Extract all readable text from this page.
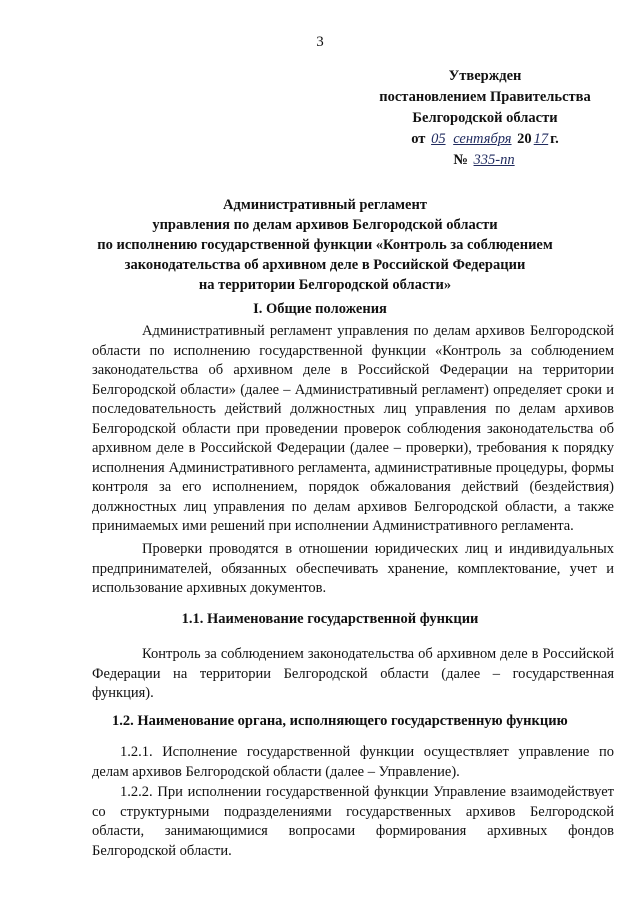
3
Утвержден
постановлением Правительства
Белгородской области
от 05 сентября 20 17 г.
№ 335-пп
Административный регламент
управления по делам архивов Белгородской области
по исполнению государственной функции «Контроль за соблюдением
законодательства об архивном деле в Российской Федерации
на территории Белгородской области»
I. Общие положения

Административный регламент управления по делам архивов Белгородской области по исполнению государственной функции «Контроль за соблюдением законодательства об архивном деле в Российской Федерации на территории Белгородской области» (далее – Административный регламент) определяет сроки и последовательность действий должностных лиц управления по делам архивов Белгородской области при проведении проверок соблюдения законодательства об архивном деле в Российской Федерации (далее – проверки), требования к порядку исполнения Административного регламента, административные процедуры, формы контроля за его исполнением, порядок обжалования действий (бездействия) должностных лиц управления по делам архивов Белгородской области, а также принимаемых ими решений при исполнении Административного регламента.

Проверки проводятся в отношении юридических лиц и индивидуальных предпринимателей, обязанных обеспечивать хранение, комплектование, учет и использование архивных документов.

1.1. Наименование государственной функции

Контроль за соблюдением законодательства об архивном деле в Российской Федерации на территории Белгородской области (далее – государственная функция).

1.2. Наименование органа, исполняющего государственную функцию

1.2.1. Исполнение государственной функции осуществляет управление по делам архивов Белгородской области (далее – Управление).

1.2.2. При исполнении государственной функции Управление взаимодействует со структурными подразделениями государственных архивов Белгородской области, занимающимися вопросами формирования архивных фондов Белгородской области.
